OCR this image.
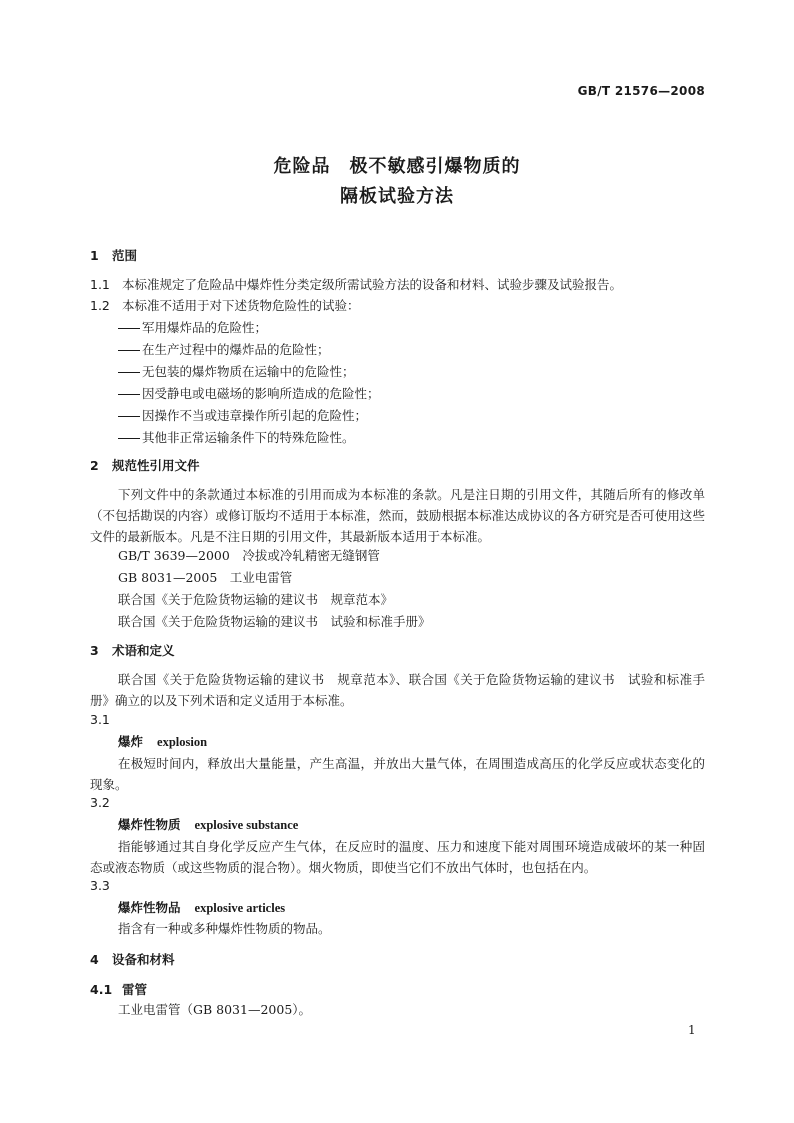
GB/T 21576—2008
危险品　极不敏感引爆物质的
隔板试验方法
1 范围
1.1 本标准规定了危险品中爆炸性分类定级所需试验方法的设备和材料、试验步骤及试验报告。
1.2 本标准不适用于对下述货物危险性的试验：
军用爆炸品的危险性；
在生产过程中的爆炸品的危险性；
无包装的爆炸物质在运输中的危险性；
因受静电或电磁场的影响所造成的危险性；
因操作不当或违章操作所引起的危险性；
其他非正常运输条件下的特殊危险性。
2 规范性引用文件
下列文件中的条款通过本标准的引用而成为本标准的条款。凡是注日期的引用文件，其随后所有的修改单（不包括勘误的内容）或修订版均不适用于本标准，然而，鼓励根据本标准达成协议的各方研究是否可使用这些文件的最新版本。凡是不注日期的引用文件，其最新版本适用于本标准。
GB/T 3639—2000　冷拔或冷轧精密无缝钢管
GB 8031—2005　工业电雷管
联合国《关于危险货物运输的建议书　规章范本》
联合国《关于危险货物运输的建议书　试验和标准手册》
3 术语和定义
联合国《关于危险货物运输的建议书　规章范本》、联合国《关于危险货物运输的建议书　试验和标准手册》确立的以及下列术语和定义适用于本标准。
3.1
爆炸 explosion
在极短时间内，释放出大量能量，产生高温，并放出大量气体，在周围造成高压的化学反应或状态变化的现象。
3.2
爆炸性物质 explosive substance
指能够通过其自身化学反应产生气体，在反应时的温度、压力和速度下能对周围环境造成破坏的某一种固态或液态物质（或这些物质的混合物）。烟火物质，即使当它们不放出气体时，也包括在内。
3.3
爆炸性物品 explosive articles
指含有一种或多种爆炸性物质的物品。
4 设备和材料
4.1 雷管
工业电雷管（GB 8031—2005）。
1
